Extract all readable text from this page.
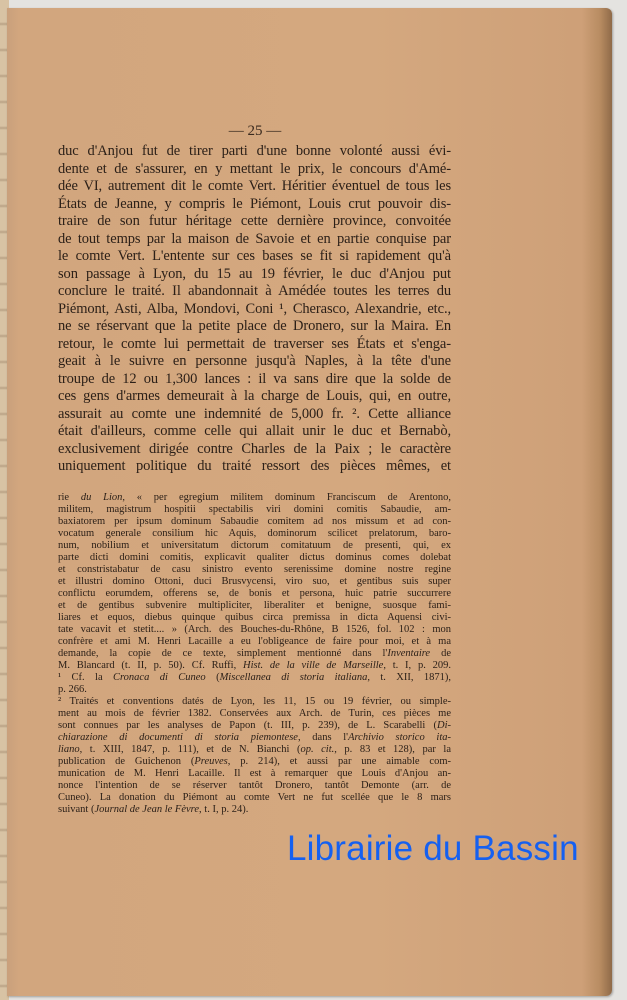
— 25 —
duc d'Anjou fut de tirer parti d'une bonne volonté aussi évi-
dente et de s'assurer, en y mettant le prix, le concours d'Amé-
dée VI, autrement dit le comte Vert. Héritier éventuel de tous les
États de Jeanne, y compris le Piémont, Louis crut pouvoir dis-
traire de son futur héritage cette dernière province, convoitée
de tout temps par la maison de Savoie et en partie conquise par
le comte Vert. L'entente sur ces bases se fit si rapidement qu'à
son passage à Lyon, du 15 au 19 février, le duc d'Anjou put
conclure le traité. Il abandonnait à Amédée toutes les terres du
Piémont, Asti, Alba, Mondovi, Coni ¹, Cherasco, Alexandrie, etc.,
ne se réservant que la petite place de Dronero, sur la Maira. En
retour, le comte lui permettait de traverser ses États et s'enga-
geait à le suivre en personne jusqu'à Naples, à la tête d'une
troupe de 12 ou 1,300 lances : il va sans dire que la solde de
ces gens d'armes demeurait à la charge de Louis, qui, en outre,
assurait au comte une indemnité de 5,000 fr. ². Cette alliance
était d'ailleurs, comme celle qui allait unir le duc et Bernabò,
exclusivement dirigée contre Charles de la Paix ; le caractère
uniquement politique du traité ressort des pièces mêmes, et
rie du Lion, « per egregium militem dominum Franciscum de Arentono,
militem, magistrum hospitii spectabilis viri domini comitis Sabaudie, am-
baxiatorem per ipsum dominum Sabaudie comitem ad nos missum et ad con-
vocatum generale consilium hic Aquis, dominorum scilicet prelatorum, baro-
num, nobilium et universitatum dictorum comitatuum de presenti, qui, ex
parte dicti domini comitis, explicavit qualiter dictus dominus comes dolebat
et constristabatur de casu sinistro evento serenissime domine nostre regine
et illustri domino Ottoni, duci Brusvycensi, viro suo, et gentibus suis super
conflictu eorumdem, offerens se, de bonis et persona, huic patrie succurrere
et de gentibus subvenire multipliciter, liberaliter et benigne, suosque fami-
liares et equos, diebus quinque quibus circa premissa in dicta Aquensi civi-
tate vacavit et stetit.... » (Arch. des Bouches-du-Rhône, B 1526, fol. 102 : mon
confrère et ami M. Henri Lacaille a eu l'obligeance de faire pour moi, et à ma
demande, la copie de ce texte, simplement mentionné dans l'Inventaire de
M. Blancard (t. II, p. 50). Cf. Ruffi, Hist. de la ville de Marseille, t. I, p. 209.
¹ Cf. la Cronaca di Cuneo (Miscellanea di storia italiana, t. XII, 1871),
p. 266.
² Traités et conventions datés de Lyon, les 11, 15 ou 19 février, ou simple-
ment au mois de février 1382. Conservées aux Arch. de Turin, ces pièces me
sont connues par les analyses de Papon (t. III, p. 239), de L. Scarabelli (Di-
chiarazione di documenti di storia piemontese, dans l'Archivio storico ita-
liano, t. XIII, 1847, p. 111), et de N. Bianchi (op. cit., p. 83 et 128), par la
publication de Guichenon (Preuves, p. 214), et aussi par une aimable com-
munication de M. Henri Lacaille. Il est à remarquer que Louis d'Anjou an-
nonce l'intention de se réserver tantôt Dronero, tantôt Demonte (arr. de
Cuneo). La donation du Piémont au comte Vert ne fut scellée que le 8 mars
suivant (Journal de Jean le Fèvre, t. I, p. 24).
Librairie du Bassin
